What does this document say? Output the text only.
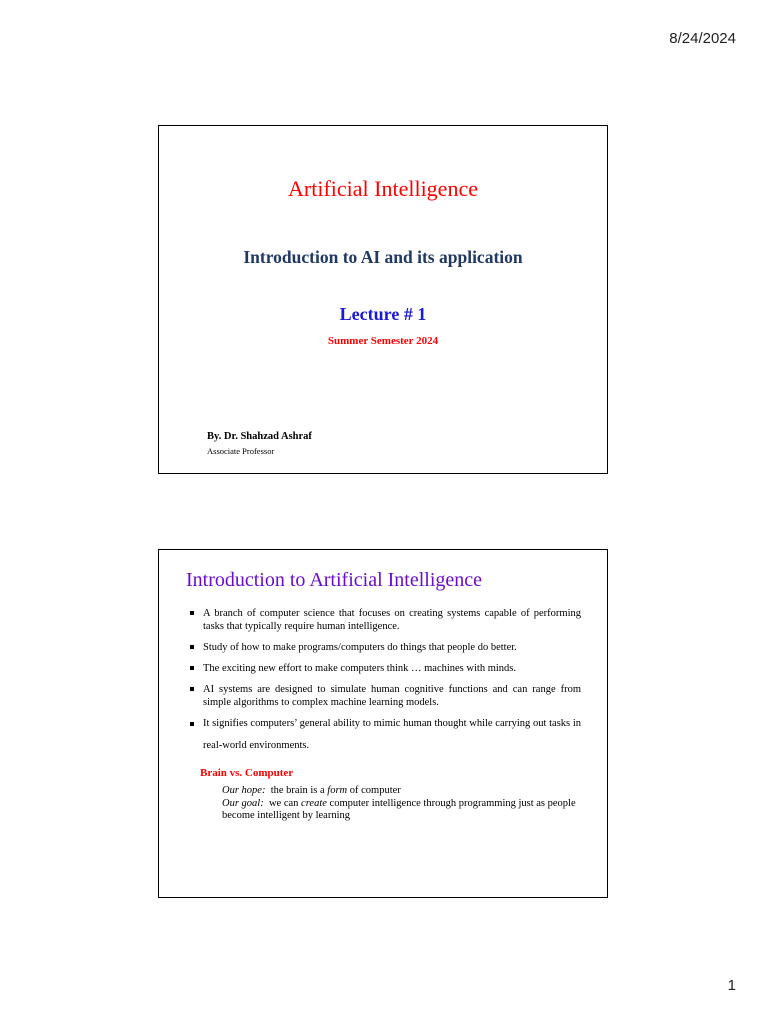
8/24/2024
Artificial Intelligence
Introduction to AI and its application
Lecture # 1
Summer Semester 2024
By. Dr. Shahzad Ashraf
Associate Professor
Introduction to Artificial Intelligence
A branch of computer science that focuses on creating systems capable of performing tasks that typically require human intelligence.
Study of how to make programs/computers do things that people do better.
The exciting new effort to make computers think … machines with minds.
AI systems are designed to simulate human cognitive functions and can range from simple algorithms to complex machine learning models.
It signifies computers’ general ability to mimic human thought while carrying out tasks in real-world environments.
Brain vs. Computer
Our hope:  the brain is a form of computer
Our goal:  we can create computer intelligence through programming just as people become intelligent by learning
1
